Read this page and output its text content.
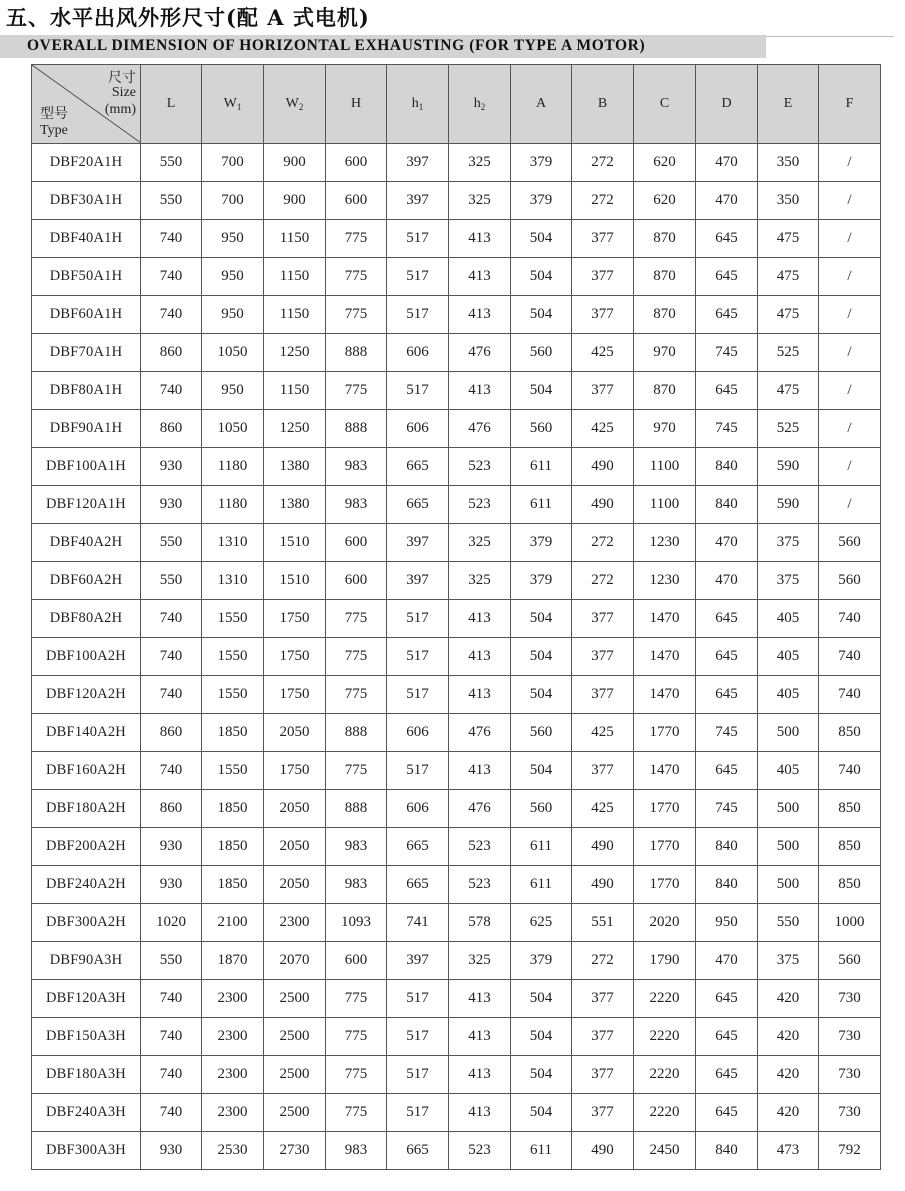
五、水平出风外形尺寸(配 A 式电机)
OVERALL DIMENSION OF HORIZONTAL EXHAUSTING (FOR TYPE A MOTOR)
尺寸
Size
(mm)
型号
Type	L	$W_1$	$W_2$	H	$h_1$	$h_2$	A	B	C	D	E	F
DBF20A1H	550	700	900	600	397	325	379	272	620	470	350	/
DBF30A1H	550	700	900	600	397	325	379	272	620	470	350	/
DBF40A1H	740	950	1150	775	517	413	504	377	870	645	475	/
DBF50A1H	740	950	1150	775	517	413	504	377	870	645	475	/
DBF60A1H	740	950	1150	775	517	413	504	377	870	645	475	/
DBF70A1H	860	1050	1250	888	606	476	560	425	970	745	525	/
DBF80A1H	740	950	1150	775	517	413	504	377	870	645	475	/
DBF90A1H	860	1050	1250	888	606	476	560	425	970	745	525	/
DBF100A1H	930	1180	1380	983	665	523	611	490	1100	840	590	/
DBF120A1H	930	1180	1380	983	665	523	611	490	1100	840	590	/
DBF40A2H	550	1310	1510	600	397	325	379	272	1230	470	375	560
DBF60A2H	550	1310	1510	600	397	325	379	272	1230	470	375	560
DBF80A2H	740	1550	1750	775	517	413	504	377	1470	645	405	740
DBF100A2H	740	1550	1750	775	517	413	504	377	1470	645	405	740
DBF120A2H	740	1550	1750	775	517	413	504	377	1470	645	405	740
DBF140A2H	860	1850	2050	888	606	476	560	425	1770	745	500	850
DBF160A2H	740	1550	1750	775	517	413	504	377	1470	645	405	740
DBF180A2H	860	1850	2050	888	606	476	560	425	1770	745	500	850
DBF200A2H	930	1850	2050	983	665	523	611	490	1770	840	500	850
DBF240A2H	930	1850	2050	983	665	523	611	490	1770	840	500	850
DBF300A2H	1020	2100	2300	1093	741	578	625	551	2020	950	550	1000
DBF90A3H	550	1870	2070	600	397	325	379	272	1790	470	375	560
DBF120A3H	740	2300	2500	775	517	413	504	377	2220	645	420	730
DBF150A3H	740	2300	2500	775	517	413	504	377	2220	645	420	730
DBF180A3H	740	2300	2500	775	517	413	504	377	2220	645	420	730
DBF240A3H	740	2300	2500	775	517	413	504	377	2220	645	420	730
DBF300A3H	930	2530	2730	983	665	523	611	490	2450	840	473	792
